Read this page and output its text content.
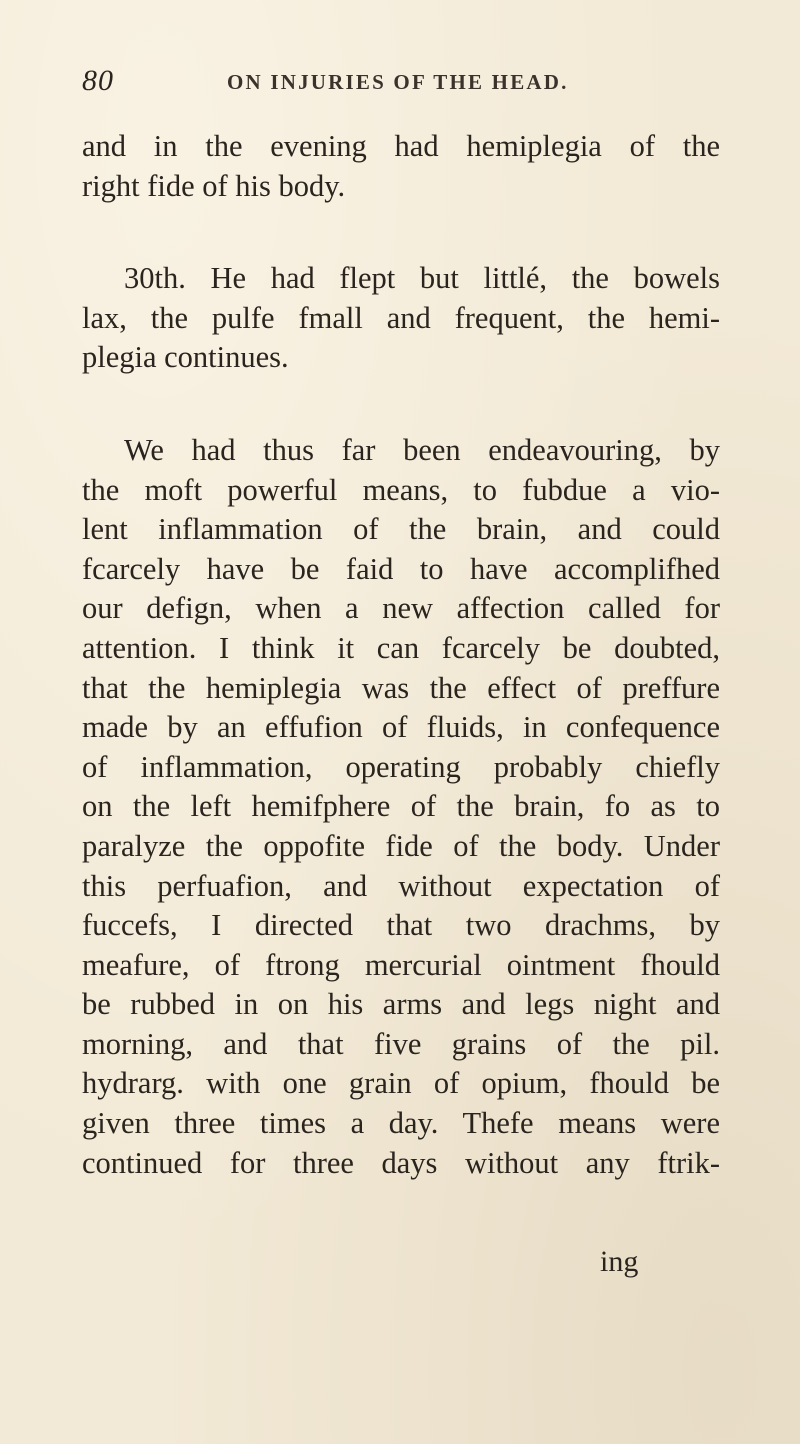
80	ON INJURIES OF THE HEAD.
and in the evening had hemiplegia of the
right fide of his body.
30th. He had flept but littlé, the bowels
lax, the pulfe fmall and frequent, the hemi-
plegia continues.
We had thus far been endeavouring, by
the moft powerful means, to fubdue a vio-
lent inflammation of the brain, and could
fcarcely have be faid to have accomplifhed
our defign, when a new affection called for
attention. I think it can fcarcely be doubted,
that the hemiplegia was the effect of preffure
made by an effufion of fluids, in confequence
of inflammation, operating probably chiefly
on the left hemifphere of the brain, fo as to
paralyze the oppofite fide of the body. Under
this perfuafion, and without expectation of
fuccefs, I directed that two drachms, by
meafure, of ftrong mercurial ointment fhould
be rubbed in on his arms and legs night and
morning, and that five grains of the pil.
hydrarg. with one grain of opium, fhould be
given three times a day. Thefe means were
continued for three days without any ftrik-
ing
